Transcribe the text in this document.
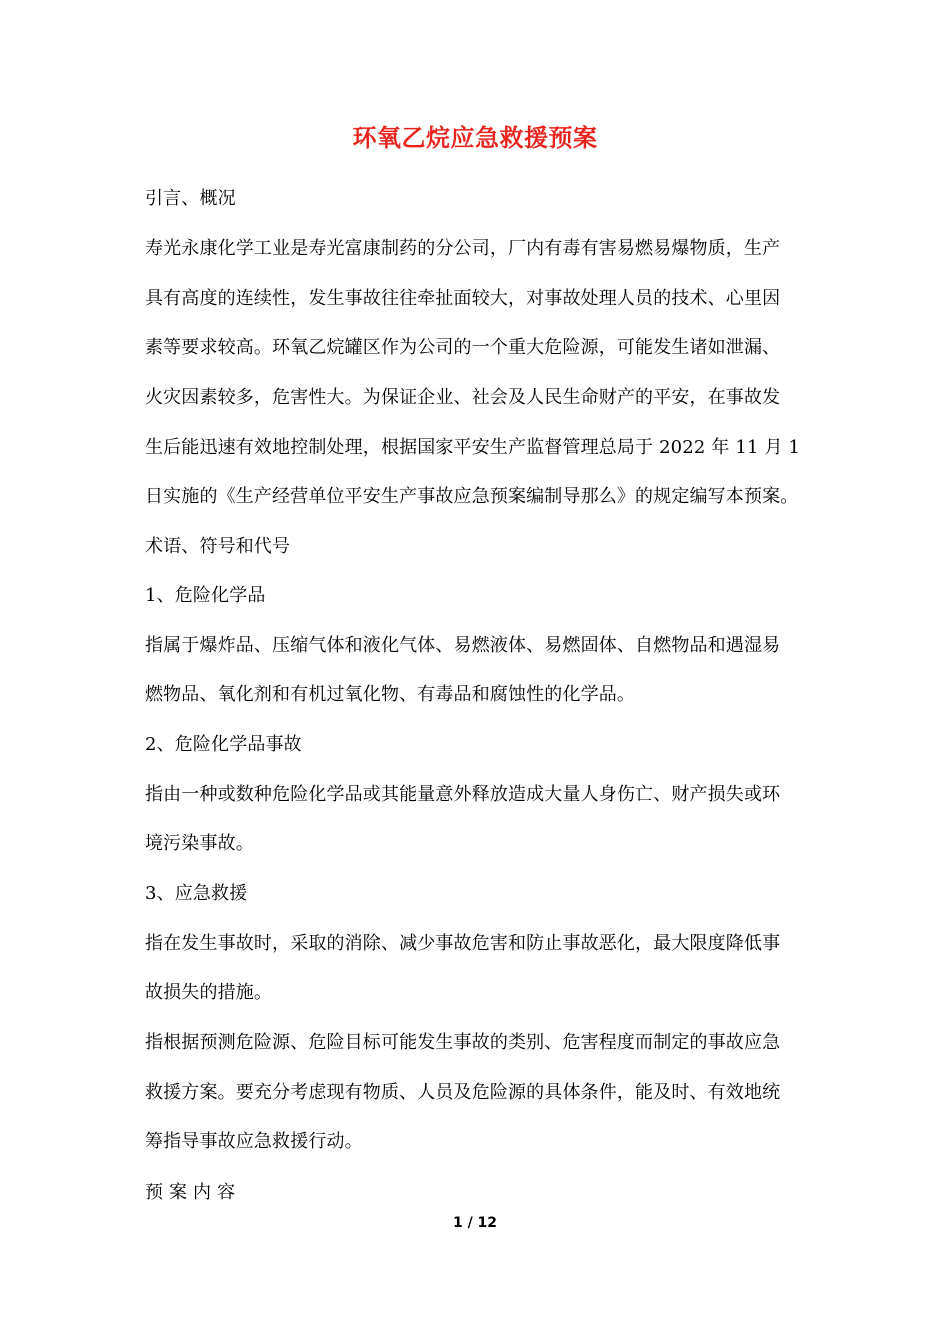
环氧乙烷应急救援预案
引言、概况
寿光永康化学工业是寿光富康制药的分公司，厂内有毒有害易燃易爆物质，生产
具有高度的连续性，发生事故往往牵扯面较大，对事故处理人员的技术、心里因
素等要求较高。环氧乙烷罐区作为公司的一个重大危险源，可能发生诸如泄漏、
火灾因素较多，危害性大。为保证企业、社会及人民生命财产的平安，在事故发
生后能迅速有效地控制处理，根据国家平安生产监督管理总局于 2022 年 11 月 1
日实施的《生产经营单位平安生产事故应急预案编制导那么》的规定编写本预案。
术语、符号和代号
1、危险化学品
指属于爆炸品、压缩气体和液化气体、易燃液体、易燃固体、自燃物品和遇湿易
燃物品、氧化剂和有机过氧化物、有毒品和腐蚀性的化学品。
2、危险化学品事故
指由一种或数种危险化学品或其能量意外释放造成大量人身伤亡、财产损失或环
境污染事故。
3、应急救援
指在发生事故时，采取的消除、减少事故危害和防止事故恶化，最大限度降低事
故损失的措施。
指根据预测危险源、危险目标可能发生事故的类别、危害程度而制定的事故应急
救援方案。要充分考虑现有物质、人员及危险源的具体条件，能及时、有效地统
筹指导事故应急救援行动。
预 案 内 容
1 / 12
